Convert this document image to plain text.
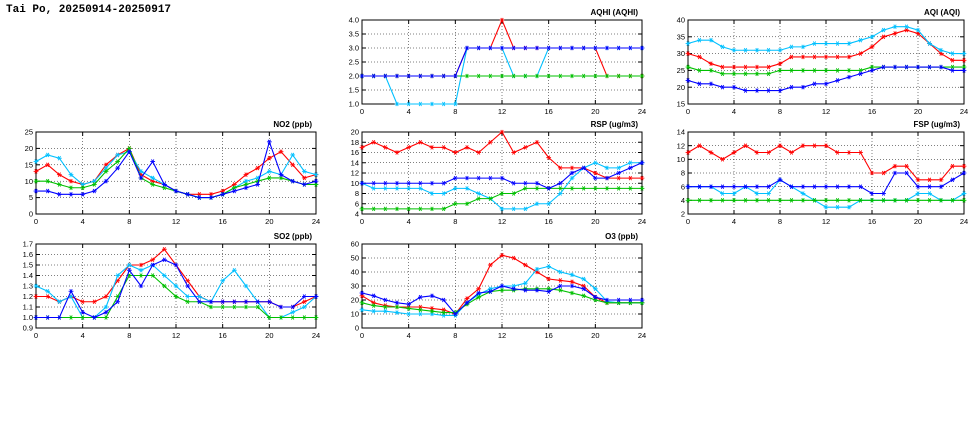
Tai Po, 20250914-20250917	AQHI (AQHI)
1.0
1.5
2.0
2.5
3.0
3.5
4.0
0	4	8	12	16	20	24
AQI (AQI)
15
20
25
30
35
40
0	4	8	12	16	20	24
NO2 (ppb)
0
5
10
15
20
25
0	4	8	12	16	20	24
RSP (ug/m3)
4
6
8
10
12
14
16
18
20
0	4	8	12	16	20	24
FSP (ug/m3)
2
4
6
8
10
12
14
0	4	8	12	16	20	24
SO2 (ppb)
0.9
1.0
1.1
1.2
1.3
1.4
1.5
1.6
1.7
0	4	8	12	16	20	24
O3 (ppb)
0
10
20
30
40
50
60
0	4	8	12	16	20	24
